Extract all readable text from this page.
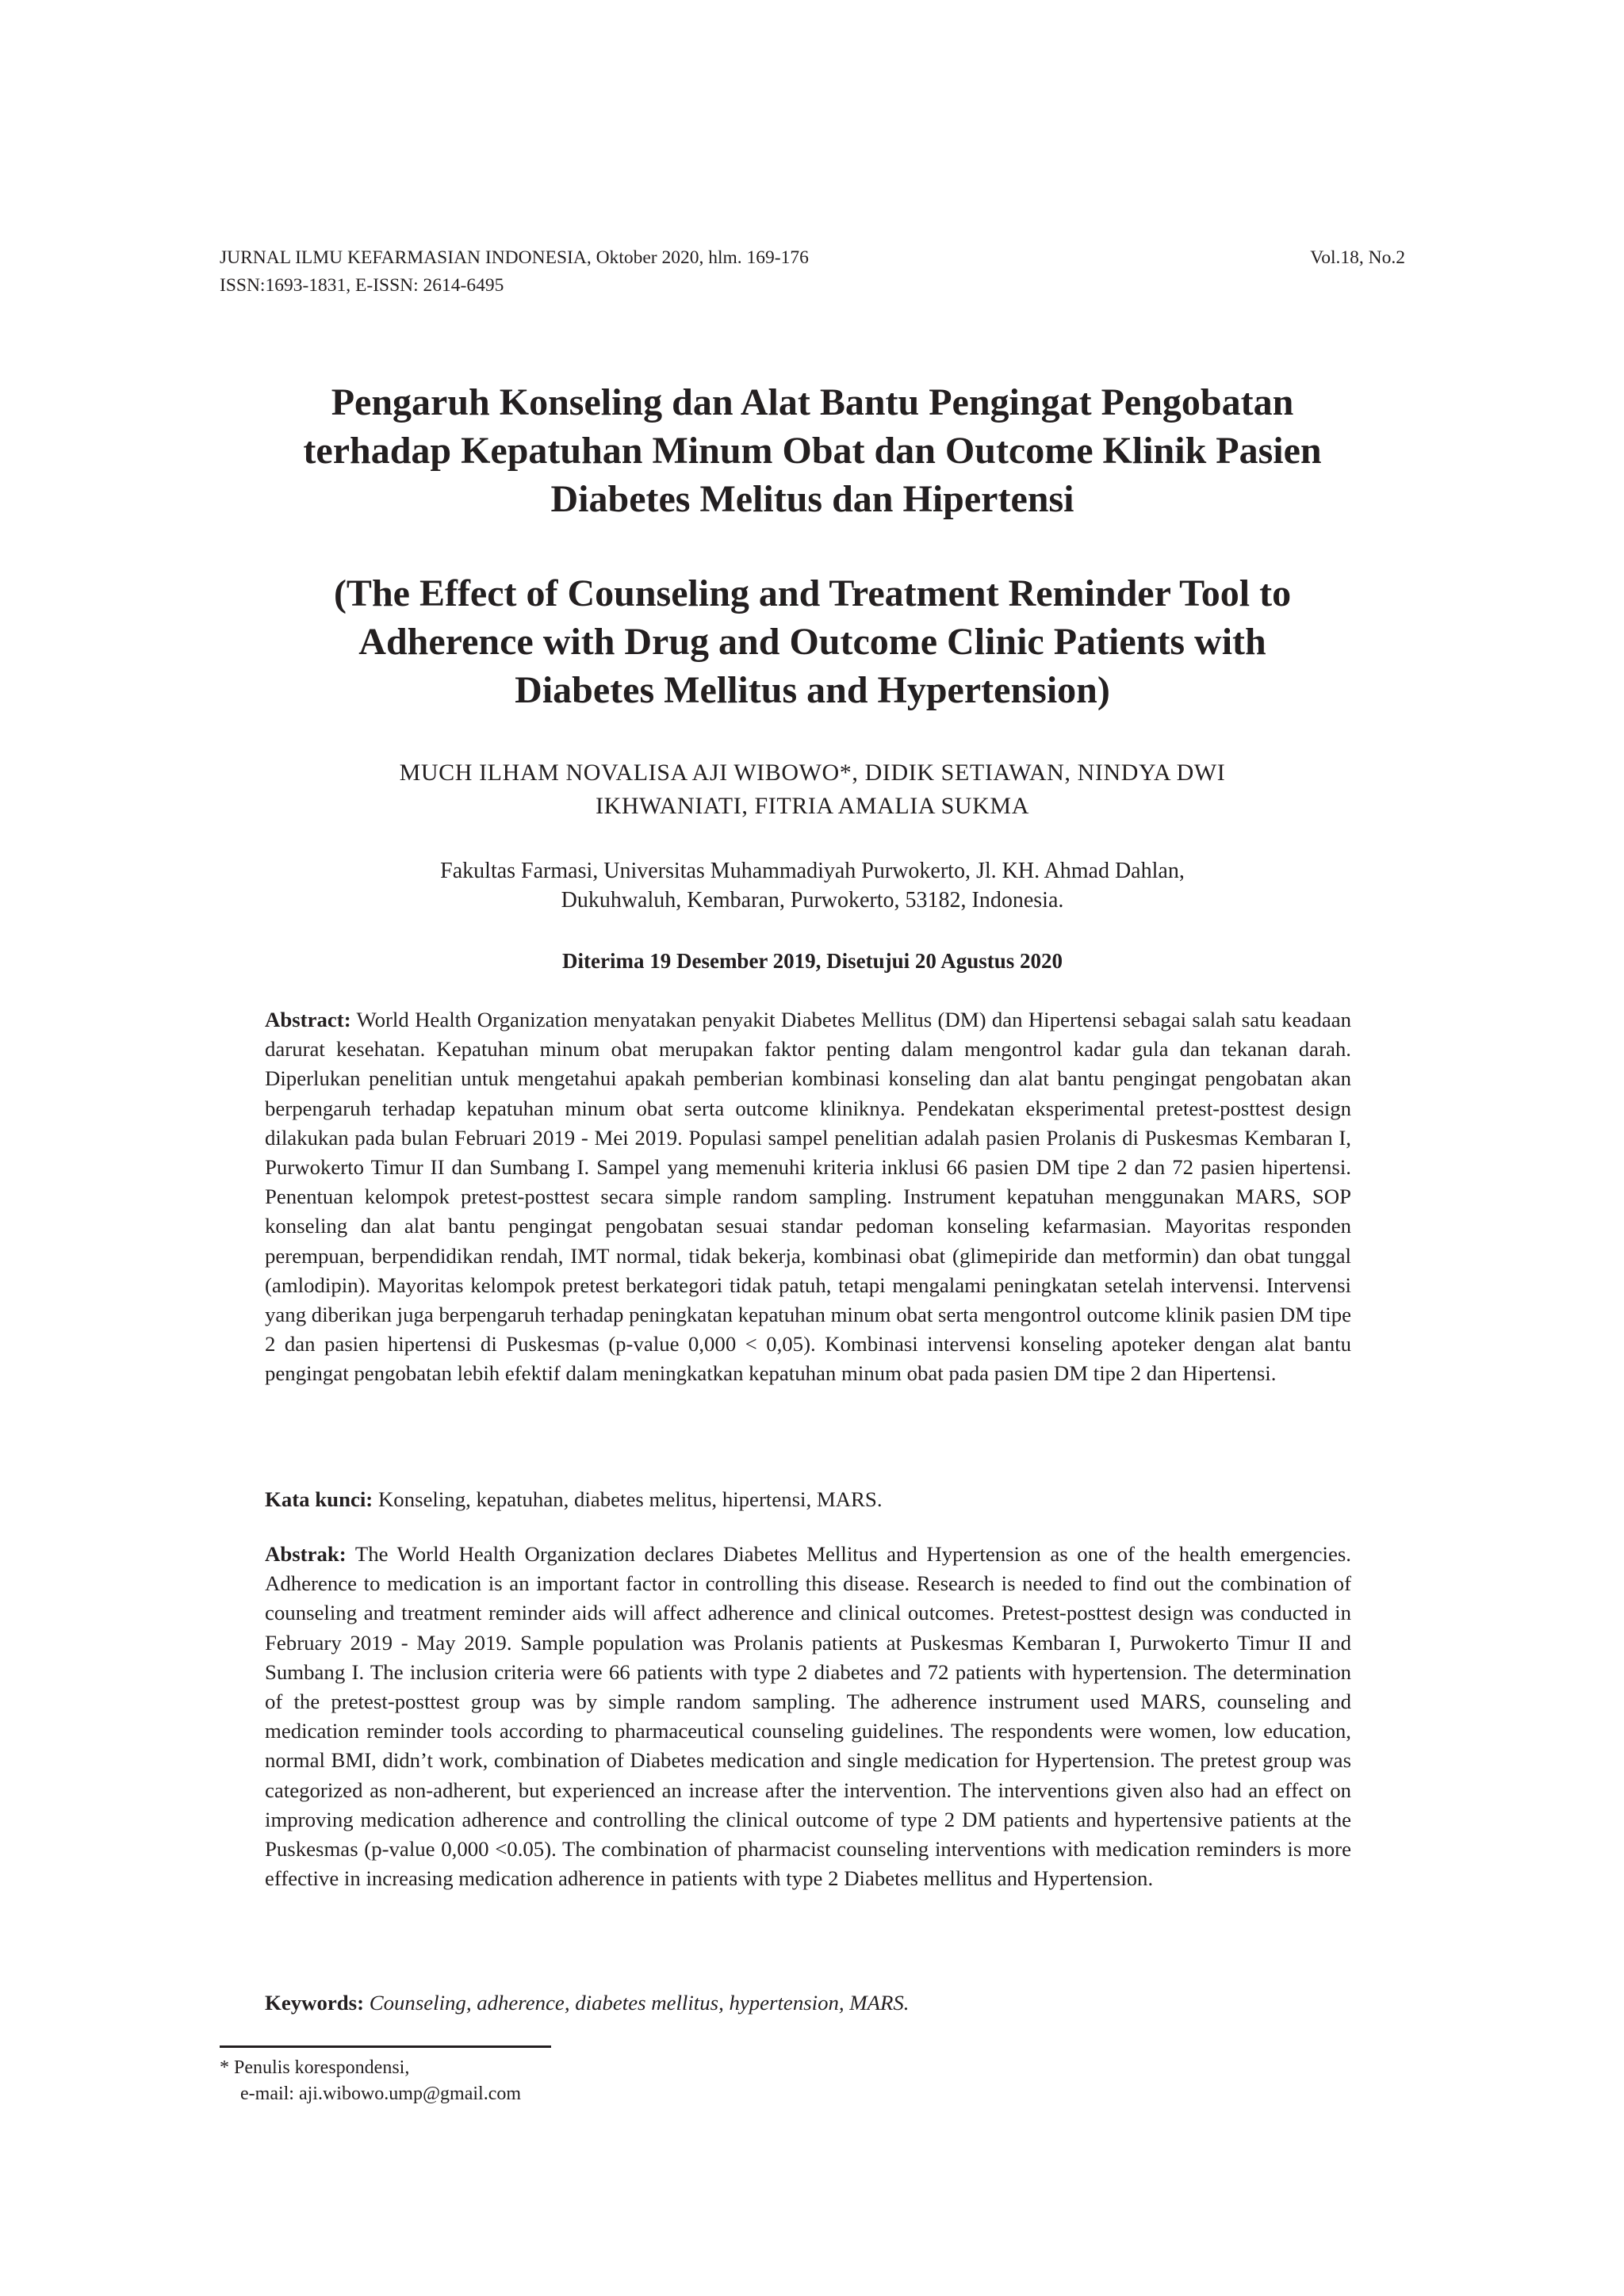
JURNAL ILMU KEFARMASIAN INDONESIA, Oktober 2020, hlm. 169-176
ISSN:1693-1831, E-ISSN: 2614-6495
Vol.18, No.2
Pengaruh Konseling dan Alat Bantu Pengingat Pengobatan
terhadap Kepatuhan Minum Obat dan Outcome Klinik Pasien
Diabetes Melitus dan Hipertensi
(The Effect of Counseling and Treatment Reminder Tool to
Adherence with Drug and Outcome Clinic Patients with
Diabetes Mellitus and Hypertension)
MUCH ILHAM NOVALISA AJI WIBOWO*, DIDIK SETIAWAN, NINDYA DWI
IKHWANIATI, FITRIA AMALIA SUKMA
Fakultas Farmasi, Universitas Muhammadiyah Purwokerto, Jl. KH. Ahmad Dahlan,
Dukuhwaluh, Kembaran, Purwokerto, 53182, Indonesia.
Diterima 19 Desember 2019, Disetujui 20 Agustus 2020

Abstract: World Health Organization menyatakan penyakit Diabetes Mellitus (DM) dan Hipertensi sebagai salah satu keadaan darurat kesehatan. Kepatuhan minum obat merupakan faktor penting dalam mengontrol kadar gula dan tekanan darah. Diperlukan penelitian untuk mengetahui apakah pemberian kombinasi konseling dan alat bantu pengingat pengobatan akan berpengaruh terhadap kepatuhan minum obat serta outcome kliniknya. Pendekatan eksperimental pretest-posttest design dilakukan pada bulan Februari 2019 - Mei 2019. Populasi sampel penelitian adalah pasien Prolanis di Puskesmas Kembaran I, Purwokerto Timur II dan Sumbang I. Sampel yang memenuhi kriteria inklusi 66 pasien DM tipe 2 dan 72 pasien hipertensi. Penentuan kelompok pretest-posttest secara simple random sampling. Instrument kepatuhan menggunakan MARS, SOP konseling dan alat bantu pengingat pengobatan sesuai standar pedoman konseling kefarmasian. Mayoritas responden perempuan, berpendidikan rendah, IMT normal, tidak bekerja, kombinasi obat (glimepiride dan metformin) dan obat tunggal (amlodipin). Mayoritas kelompok pretest berkategori tidak patuh, tetapi mengalami peningkatan setelah intervensi. Intervensi yang diberikan juga berpengaruh terhadap peningkatan kepatuhan minum obat serta mengontrol outcome klinik pasien DM tipe 2 dan pasien hipertensi di Puskesmas (p-value 0,000 < 0,05). Kombinasi intervensi konseling apoteker dengan alat bantu pengingat pengobatan lebih efektif dalam meningkatkan kepatuhan minum obat pada pasien DM tipe 2 dan Hipertensi.

Kata kunci: Konseling, kepatuhan, diabetes melitus, hipertensi, MARS.

Abstrak: The World Health Organization declares Diabetes Mellitus and Hypertension as one of the health emergencies. Adherence to medication is an important factor in controlling this disease. Research is needed to find out the combination of counseling and treatment reminder aids will affect adherence and clinical outcomes. Pretest-posttest design was conducted in February 2019 - May 2019. Sample population was Prolanis patients at Puskesmas Kembaran I, Purwokerto Timur II and Sumbang I. The inclusion criteria were 66 patients with type 2 diabetes and 72 patients with hypertension. The determination of the pretest-posttest group was by simple random sampling. The adherence instrument used MARS, counseling and medication reminder tools according to pharmaceutical counseling guidelines. The respondents were women, low education, normal BMI, didn’t work, combination of Diabetes medication and single medication for Hypertension. The pretest group was categorized as non-adherent, but experienced an increase after the intervention. The interventions given also had an effect on improving medication adherence and controlling the clinical outcome of type 2 DM patients and hypertensive patients at the Puskesmas (p-value 0,000 <0.05). The combination of pharmacist counseling interventions with medication reminders is more effective in increasing medication adherence in patients with type 2 Diabetes mellitus and Hypertension.

Keywords: Counseling, adherence, diabetes mellitus, hypertension, MARS.

* Penulis korespondensi,
e-mail: aji.wibowo.ump@gmail.com
